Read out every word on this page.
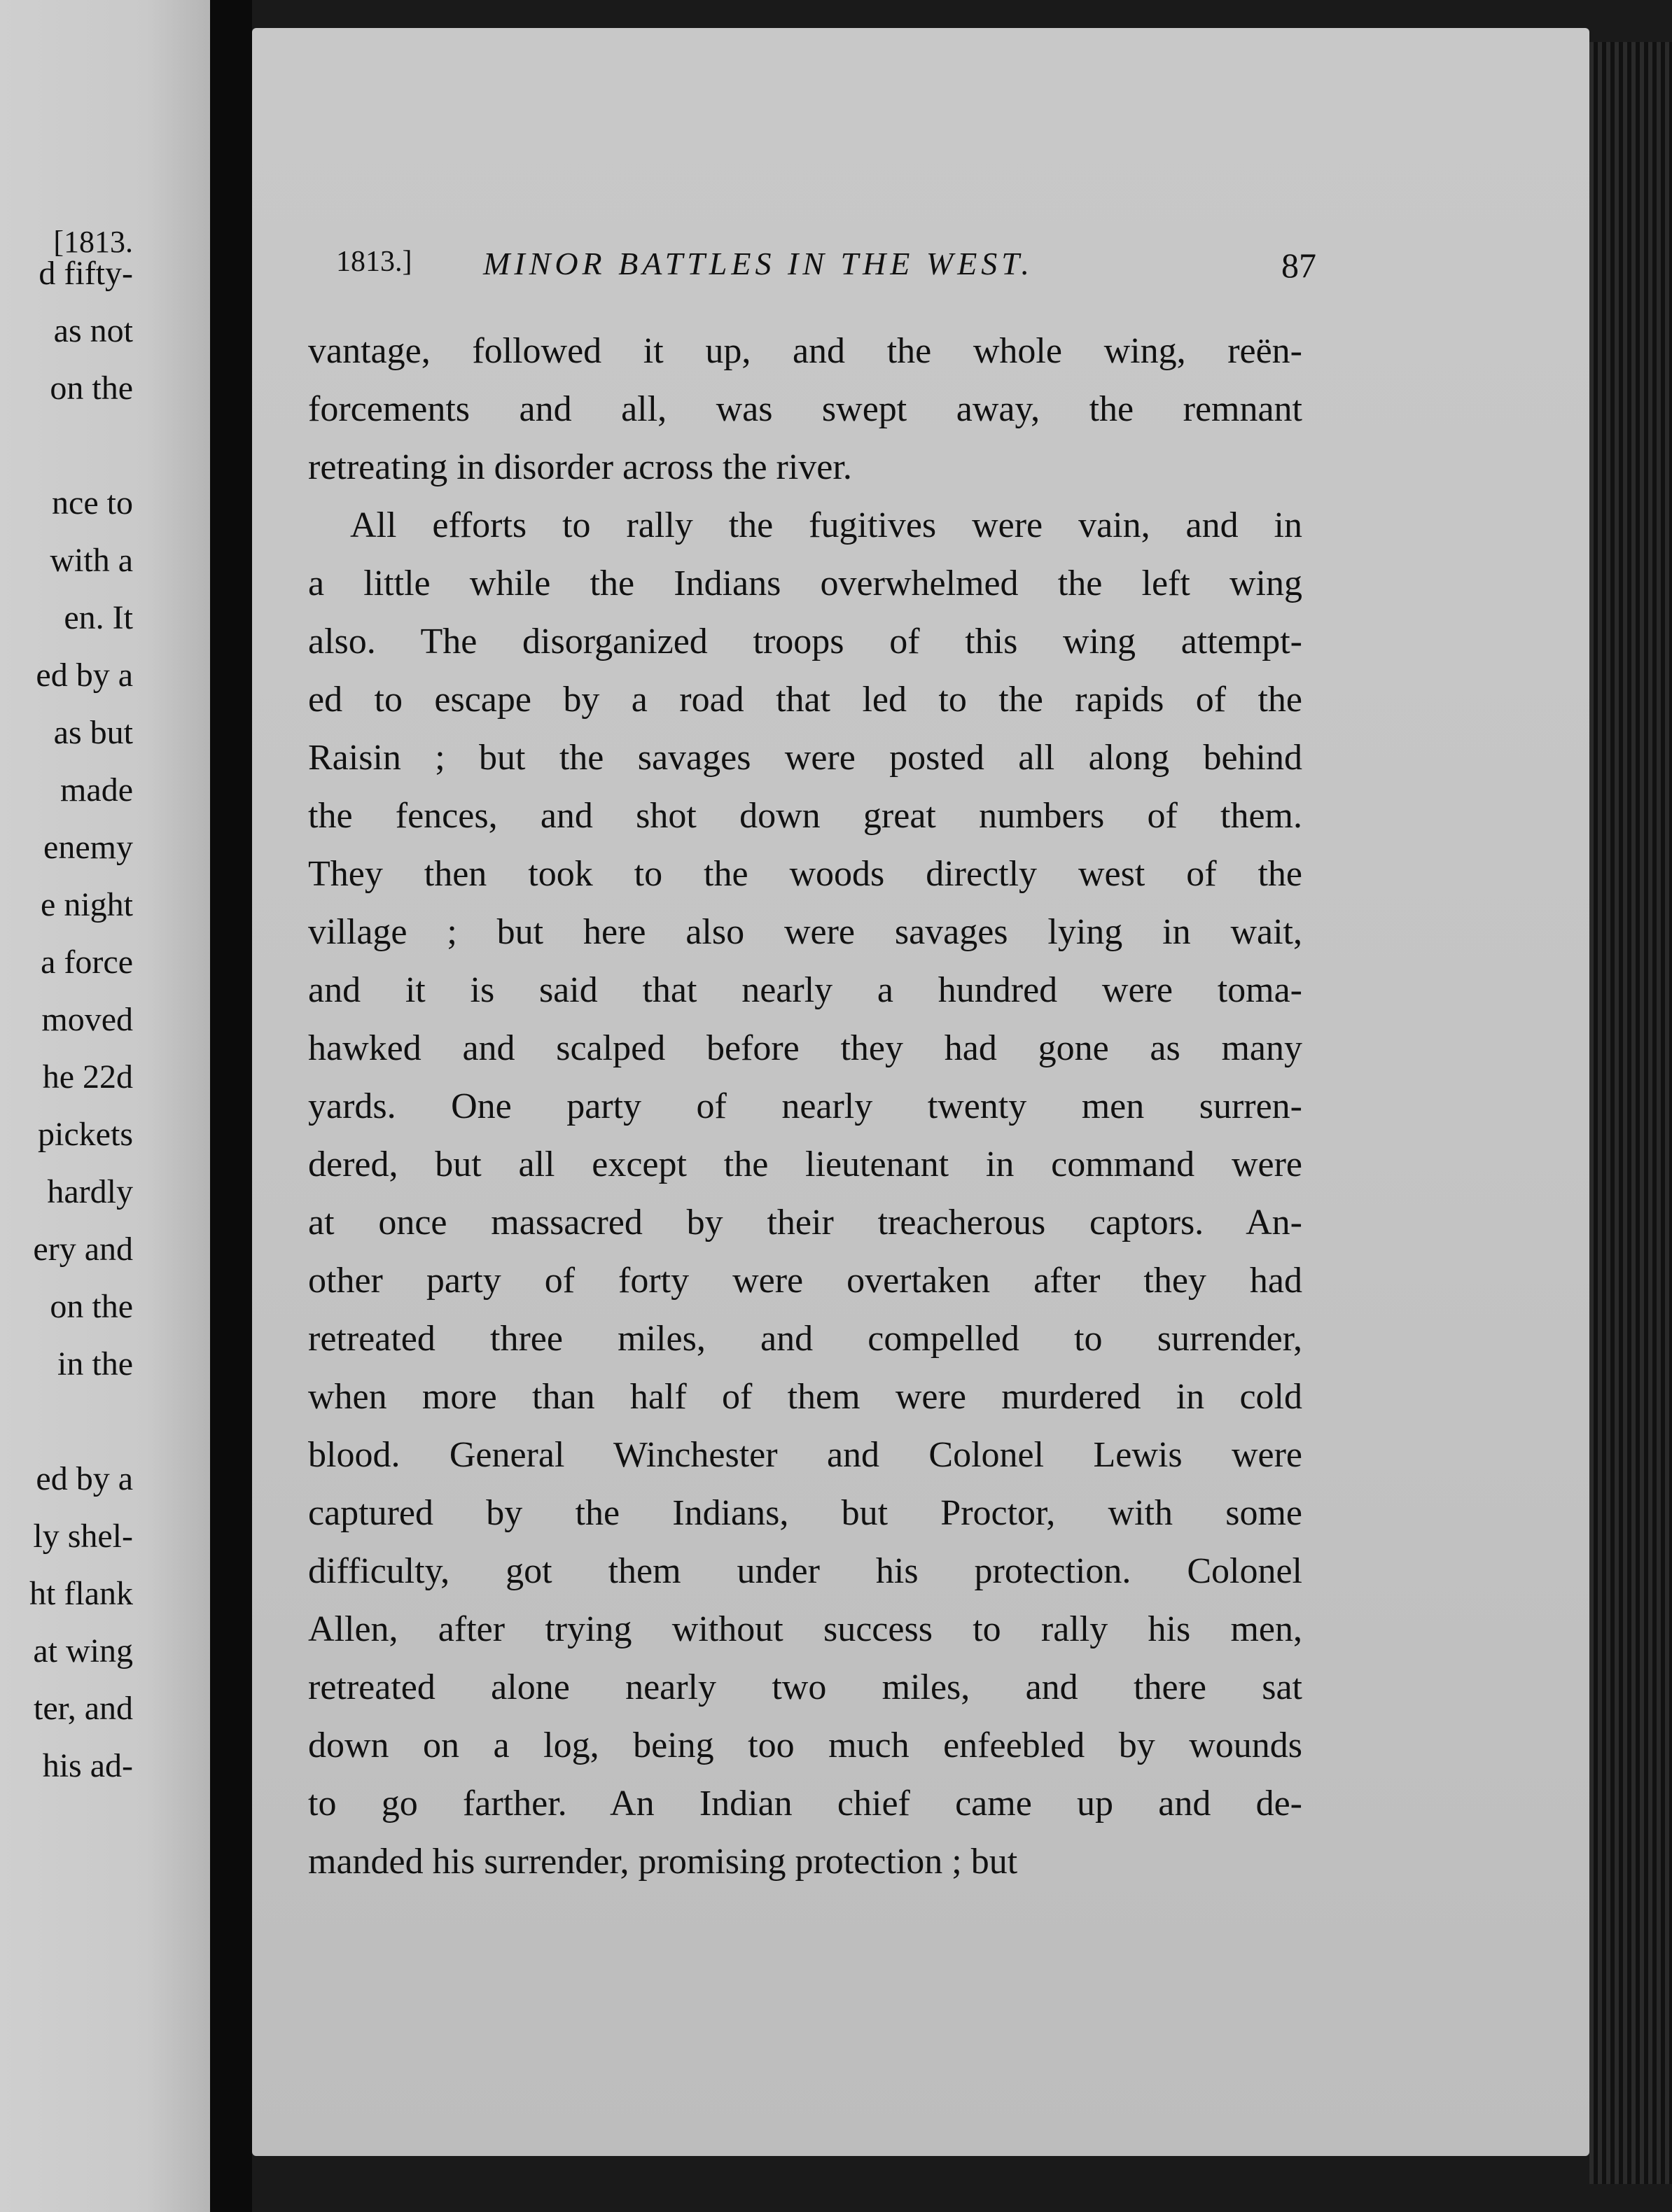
[1813.
d fifty-
as not
on the

nce to
with a
en. It
ed by a
as but
made
enemy
e night
a force
moved
he 22d
pickets
hardly
ery and
on the
in the

ed by a
ly shel-
ht flank
at wing
ter, and
his ad-
1813.] MINOR BATTLES IN THE WEST.	87
vantage, followed it up, and the whole wing, reën-
forcements and all, was swept away, the remnant
retreating in disorder across the river.
All efforts to rally the fugitives were vain, and in
a little while the Indians overwhelmed the left wing
also. The disorganized troops of this wing attempt-
ed to escape by a road that led to the rapids of the
Raisin ; but the savages were posted all along behind
the fences, and shot down great numbers of them.
They then took to the woods directly west of the
village ; but here also were savages lying in wait,
and it is said that nearly a hundred were toma-
hawked and scalped before they had gone as many
yards. One party of nearly twenty men surren-
dered, but all except the lieutenant in command were
at once massacred by their treacherous captors. An-
other party of forty were overtaken after they had
retreated three miles, and compelled to surrender,
when more than half of them were murdered in cold
blood. General Winchester and Colonel Lewis were
captured by the Indians, but Proctor, with some
difficulty, got them under his protection. Colonel
Allen, after trying without success to rally his men,
retreated alone nearly two miles, and there sat
down on a log, being too much enfeebled by wounds
to go farther. An Indian chief came up and de-
manded his surrender, promising protection ; but
